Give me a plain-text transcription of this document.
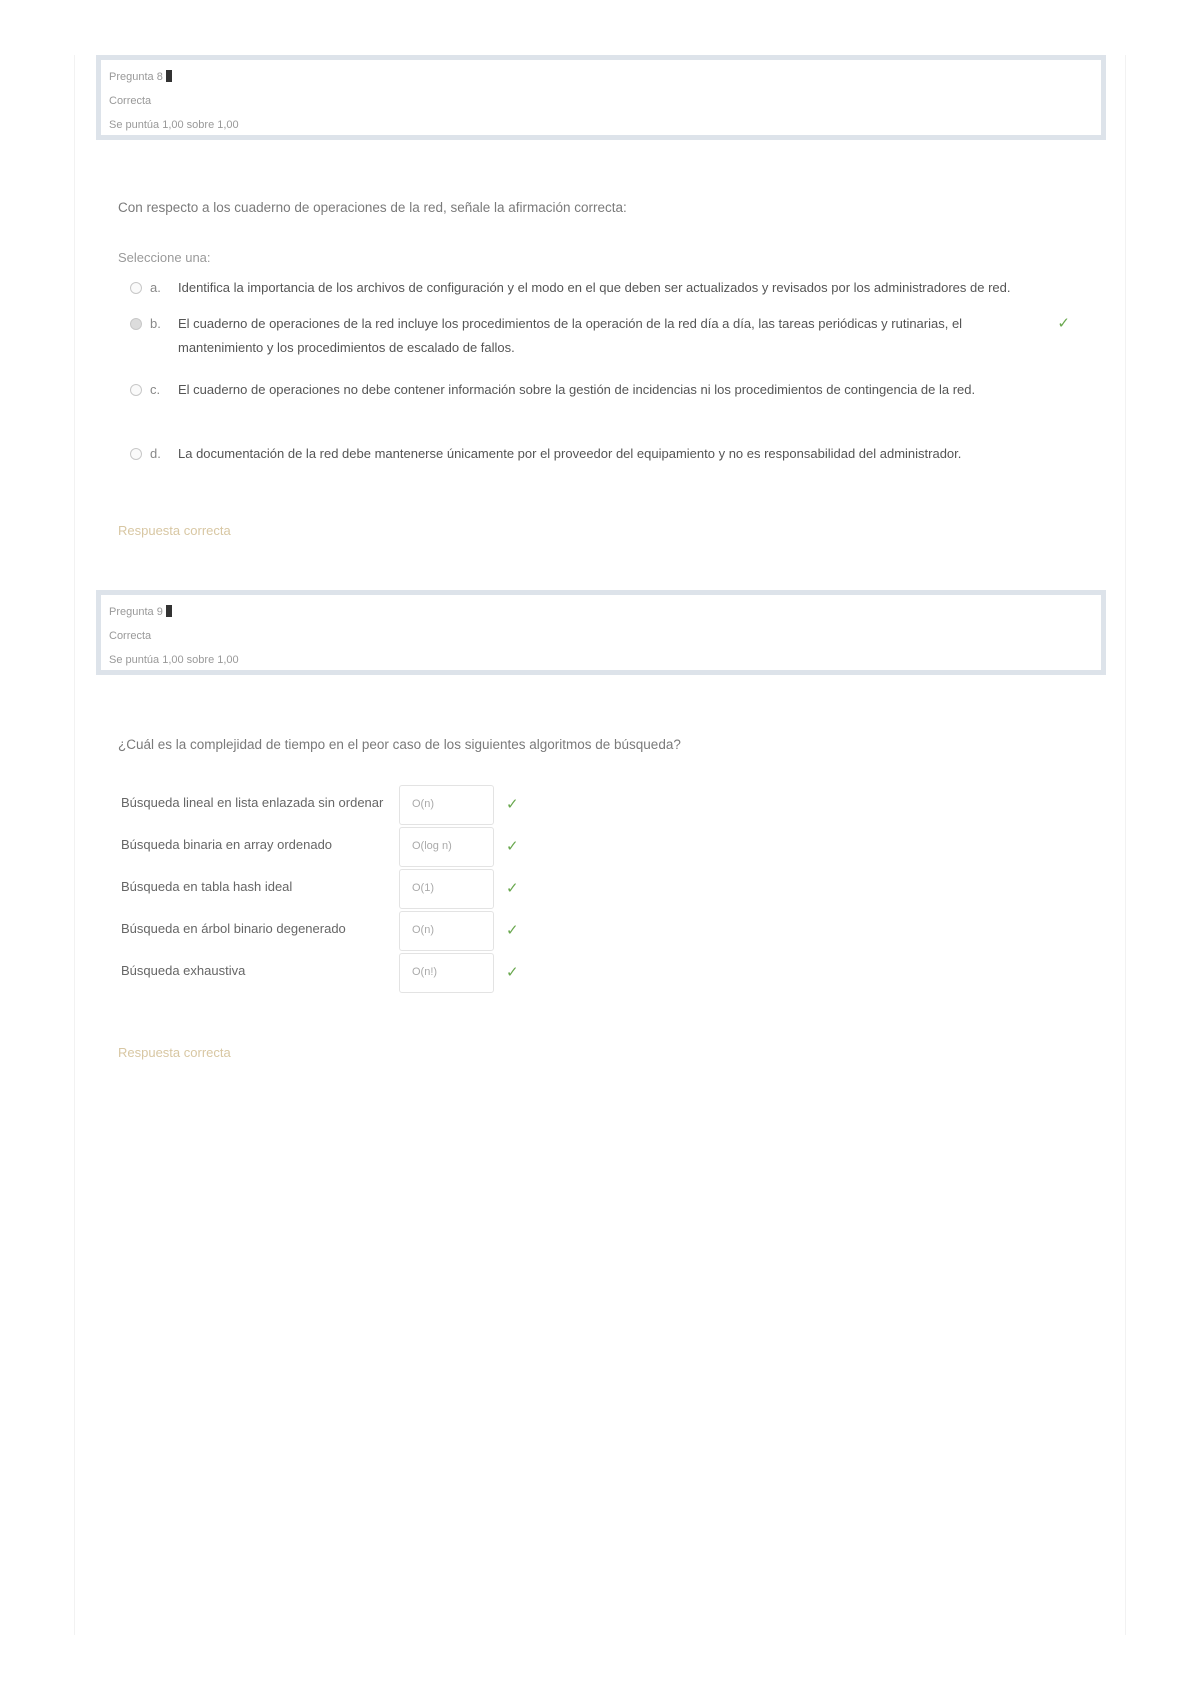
Pregunta 8
Correcta
Se puntúa 1,00 sobre 1,00
Con respecto a los cuaderno de operaciones de la red, señale la afirmación correcta:
Seleccione una:
a. Identifica la importancia de los archivos de configuración y el modo en el que deben ser actualizados y revisados por los administradores de red.
b. El cuaderno de operaciones de la red incluye los procedimientos de la operación de la red día a día, las tareas periódicas y rutinarias, el mantenimiento y los procedimientos de escalado de fallos.
✓
c. El cuaderno de operaciones no debe contener información sobre la gestión de incidencias ni los procedimientos de contingencia de la red.
d. La documentación de la red debe mantenerse únicamente por el proveedor del equipamiento y no es responsabilidad del administrador.
Respuesta correcta
Pregunta 9
Correcta
Se puntúa 1,00 sobre 1,00
¿Cuál es la complejidad de tiempo en el peor caso de los siguientes algoritmos de búsqueda?
Búsqueda lineal en lista enlazada sin ordenar	O(n)	✓
Búsqueda binaria en array ordenado	O(log n)	✓
Búsqueda en tabla hash ideal	O(1)	✓
Búsqueda en árbol binario degenerado	O(n)	✓
Búsqueda exhaustiva	O(n!)	✓
Respuesta correcta
